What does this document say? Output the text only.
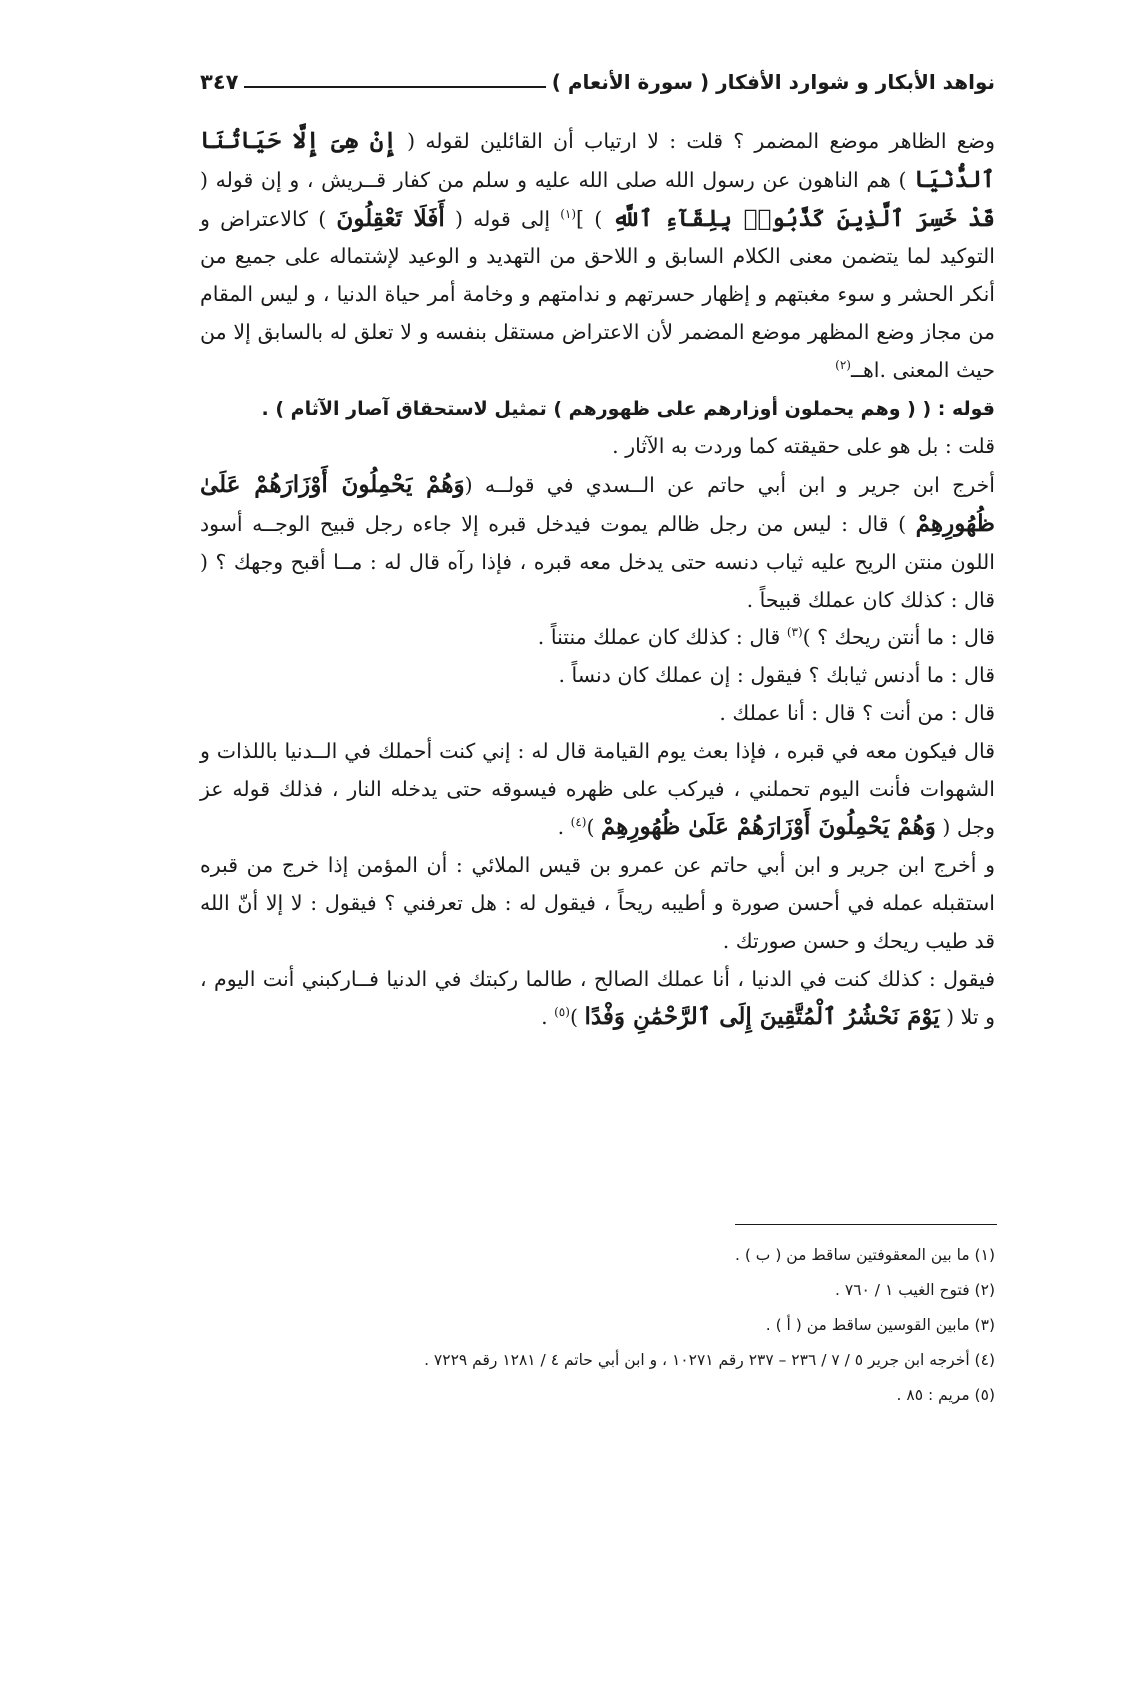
نواهد الأبكار و شوارد الأفكار ( سورة الأنعام )
٣٤٧

وضع الظاهر موضع المضمر ؟ قلت : لا ارتياب أن القائلين لقوله ( إِنْ هِىَ إِلَّا حَيَاتُنَا ٱلدُّنْيَا ) هم الناهون عن رسول الله صلى الله عليه و سلم من كفار قــريش ، و إن قوله ( قَدْ خَسِرَ ٱلَّذِينَ كَذَّبُوا۟ بِلِقَآءِ ٱللَّهِ ) ]$^{(١)}$ إلى قوله ( أَفَلَا تَعْقِلُونَ ) كالاعتراض و التوكيد لما يتضمن معنى الكلام السابق و اللاحق من التهديد و الوعيد لإشتماله على جميع من أنكر الحشر و سوء مغبتهم و إظهار حسرتهم و ندامتهم و وخامة أمر حياة الدنيا ، و ليس المقام من مجاز وضع المظهر موضع المضمر لأن الاعتراض مستقل بنفسه و لا تعلق له بالسابق إلا من حيث المعنى .اهــ$^{(٢)}$

قوله : ( ( وهم يحملون أوزارهم على ظهورهم ) تمثيل لاستحقاق آصار الآثام ) .

قلت : بل هو على حقيقته كما وردت به الآثار .

أخرج ابن جرير و ابن أبي حاتم عن الــسدي في قولــه (وَهُمْ يَحْمِلُونَ أَوْزَارَهُمْ عَلَىٰ ظُهُورِهِمْ ) قال : ليس من رجل ظالم يموت فيدخل قبره إلا جاءه رجل قبيح الوجــه أسود اللون منتن الريح عليه ثياب دنسه حتى يدخل معه قبره ، فإذا رآه قال له : مــا أقبح وجهك ؟ ( قال : كذلك كان عملك قبيحاً .

قال : ما أنتن ريحك ؟ )$^{(٣)}$ قال : كذلك كان عملك منتناً .

قال : ما أدنس ثيابك ؟ فيقول : إن عملك كان دنساً .

قال : من أنت ؟ قال : أنا عملك .

قال فيكون معه في قبره ، فإذا بعث يوم القيامة قال له : إني كنت أحملك في الــدنيا باللذات و الشهوات فأنت اليوم تحملني ، فيركب على ظهره فيسوقه حتى يدخله النار ، فذلك قوله عز وجل ( وَهُمْ يَحْمِلُونَ أَوْزَارَهُمْ عَلَىٰ ظُهُورِهِمْ )$^{(٤)}$ .

و أخرج ابن جرير و ابن أبي حاتم عن عمرو بن قيس الملائي : أن المؤمن إذا خرج من قبره استقبله عمله في أحسن صورة و أطيبه ريحاً ، فيقول له : هل تعرفني ؟ فيقول : لا إلا أنّ الله قد طيب ريحك و حسن صورتك .

فيقول : كذلك كنت في الدنيا ، أنا عملك الصالح ، طالما ركبتك في الدنيا فــاركبني أنت اليوم ، و تلا ( يَوْمَ نَحْشُرُ ٱلْمُتَّقِينَ إِلَى ٱلرَّحْمَٰنِ وَفْدًا )$^{(٥)}$ .

(١) ما بين المعقوفتين ساقط من ( ب ) .

(٢) فتوح الغيب ١ / ٧٦٠ .

(٣) مابين القوسين ساقط من ( أ ) .

(٤) أخرجه ابن جرير ٥ / ٧ / ٢٣٦ – ٢٣٧ رقم ١٠٢٧١ ، و ابن أبي حاتم ٤ / ١٢٨١ رقم ٧٢٢٩ .

(٥) مريم : ٨٥ .
